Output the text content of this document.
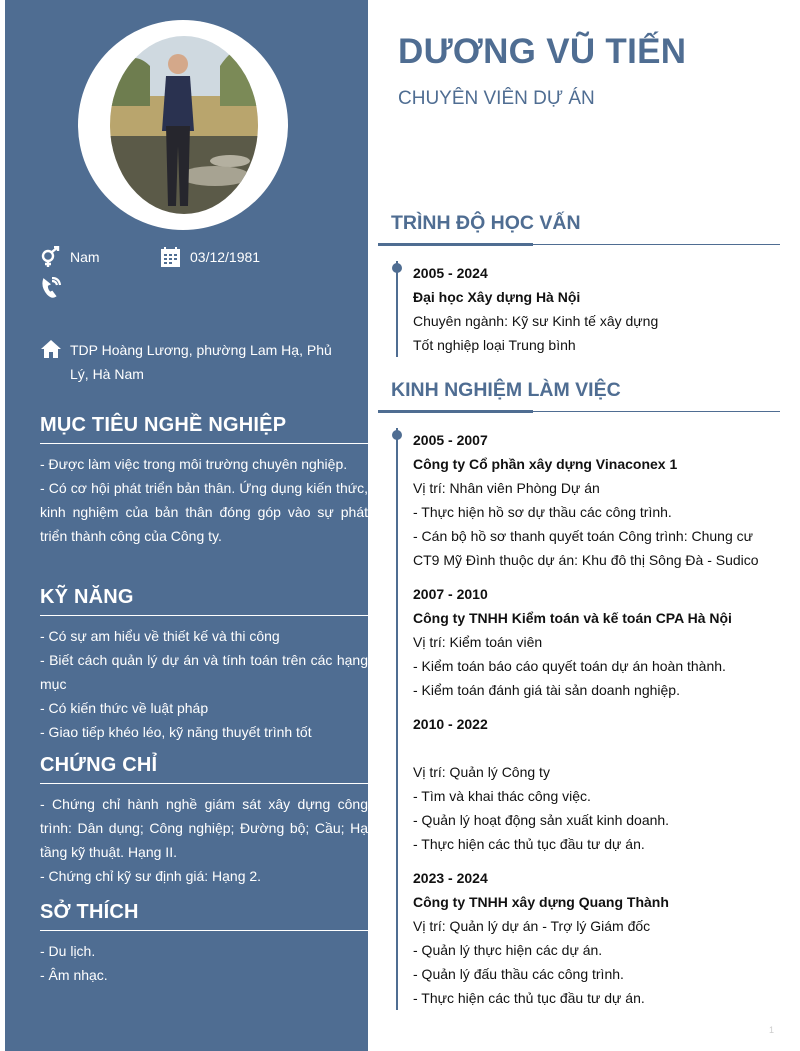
Nam	03/12/1981
TDP Hoàng Lương, phường Lam Hạ, Phủ Lý, Hà Nam
MỤC TIÊU NGHỀ NGHIỆP

- Được làm việc trong môi trường chuyên nghiệp.

- Có cơ hội phát triển bản thân. Ứng dụng kiến thức, kinh nghiệm của bản thân đóng góp vào sự phát triển thành công của Công ty.

KỸ NĂNG

- Có sự am hiểu về thiết kế và thi công

- Biết cách quản lý dự án và tính toán trên các hạng mục

- Có kiến thức về luật pháp

- Giao tiếp khéo léo, kỹ năng thuyết trình tốt

CHỨNG CHỈ

- Chứng chỉ hành nghề giám sát xây dựng công trình: Dân dụng; Công nghiệp; Đường bộ; Cầu; Hạ tầng kỹ thuật. Hạng II.

- Chứng chỉ kỹ sư định giá: Hạng 2.

SỞ THÍCH

- Du lịch.

- Âm nhạc.

DƯƠNG VŨ TIẾN
CHUYÊN VIÊN DỰ ÁN
TRÌNH ĐỘ HỌC VẤN
2005 - 2024
Đại học Xây dựng Hà Nội
Chuyên ngành: Kỹ sư Kinh tế xây dựng
Tốt nghiệp loại Trung bình
KINH NGHIỆM LÀM VIỆC
2005 - 2007
Công ty Cổ phần xây dựng Vinaconex 1
Vị trí: Nhân viên Phòng Dự án
- Thực hiện hồ sơ dự thầu các công trình.
- Cán bộ hồ sơ thanh quyết toán Công trình: Chung cư CT9 Mỹ Đình thuộc dự án: Khu đô thị Sông Đà - Sudico
2007 - 2010
Công ty TNHH Kiểm toán và kế toán CPA Hà Nội
Vị trí: Kiểm toán viên
- Kiểm toán báo cáo quyết toán dự án hoàn thành.
- Kiểm toán đánh giá tài sản doanh nghiệp.
2010 - 2022
Vị trí: Quản lý Công ty
- Tìm và khai thác công việc.
- Quản lý hoạt động sản xuất kinh doanh.
- Thực hiện các thủ tục đầu tư dự án.
2023 - 2024
Công ty TNHH xây dựng Quang Thành
Vị trí: Quản lý dự án - Trợ lý Giám đốc
- Quản lý thực hiện các dự án.
- Quản lý đấu thầu các công trình.
- Thực hiện các thủ tục đầu tư dự án.
1
